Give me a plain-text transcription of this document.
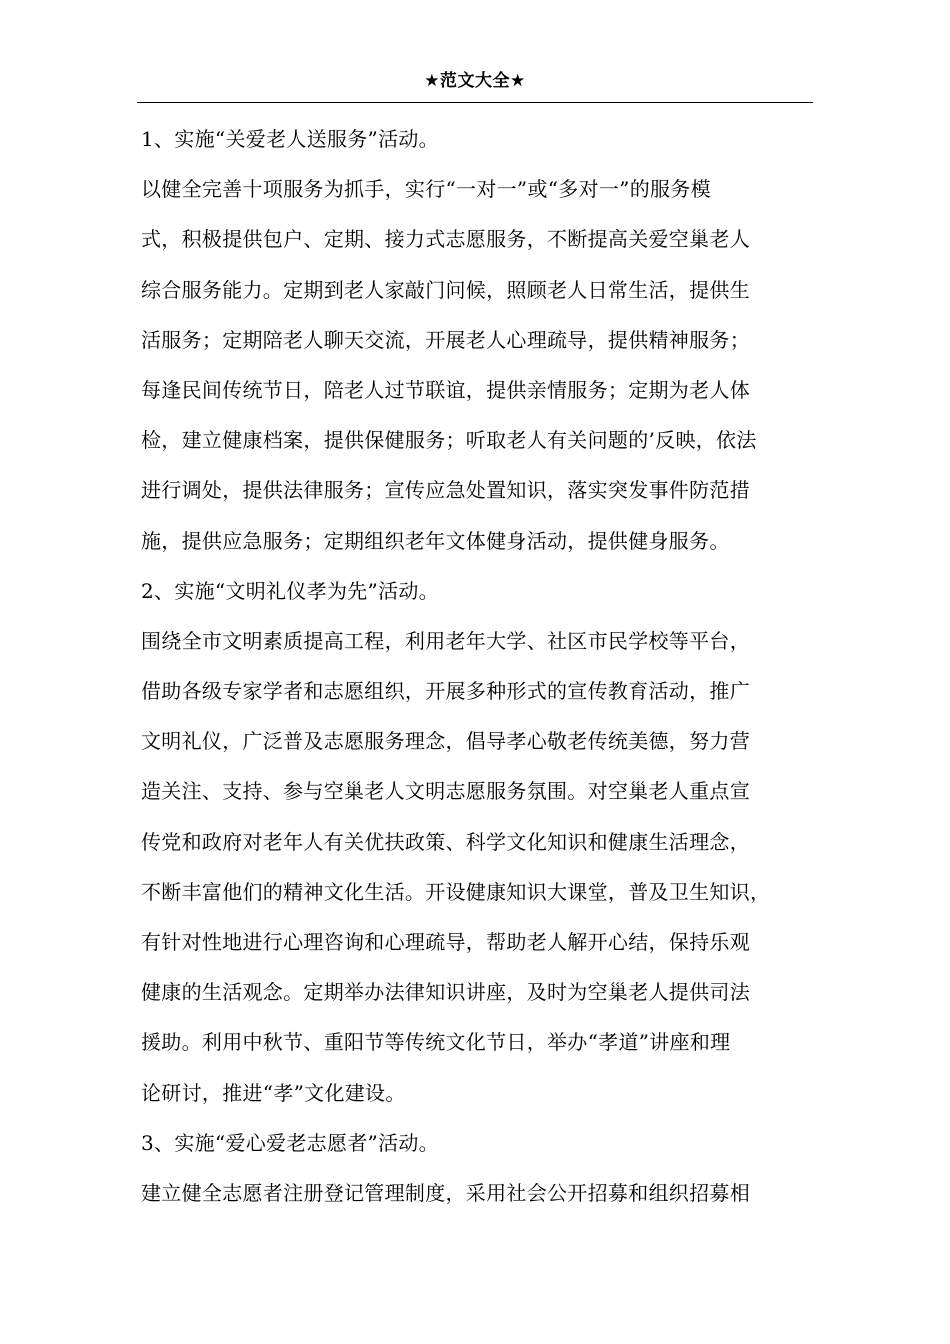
★范文大全★
1、实施“关爱老人送服务”活动。
以健全完善十项服务为抓手，实行“一对一”或“多对一”的服务模
式，积极提供包户、定期、接力式志愿服务，不断提高关爱空巢老人
综合服务能力。定期到老人家敲门问候，照顾老人日常生活，提供生
活服务；定期陪老人聊天交流，开展老人心理疏导，提供精神服务；
每逢民间传统节日，陪老人过节联谊，提供亲情服务；定期为老人体
检，建立健康档案，提供保健服务；听取老人有关问题的’反映，依法
进行调处，提供法律服务；宣传应急处置知识，落实突发事件防范措
施，提供应急服务；定期组织老年文体健身活动，提供健身服务。
2、实施“文明礼仪孝为先”活动。
围绕全市文明素质提高工程，利用老年大学、社区市民学校等平台，
借助各级专家学者和志愿组织，开展多种形式的宣传教育活动，推广
文明礼仪，广泛普及志愿服务理念，倡导孝心敬老传统美德，努力营
造关注、支持、参与空巢老人文明志愿服务氛围。对空巢老人重点宣
传党和政府对老年人有关优扶政策、科学文化知识和健康生活理念，
不断丰富他们的精神文化生活。开设健康知识大课堂，普及卫生知识，
有针对性地进行心理咨询和心理疏导，帮助老人解开心结，保持乐观
健康的生活观念。定期举办法律知识讲座，及时为空巢老人提供司法
援助。利用中秋节、重阳节等传统文化节日，举办“孝道”讲座和理
论研讨，推进“孝”文化建设。
3、实施“爱心爱老志愿者”活动。
建立健全志愿者注册登记管理制度，采用社会公开招募和组织招募相
